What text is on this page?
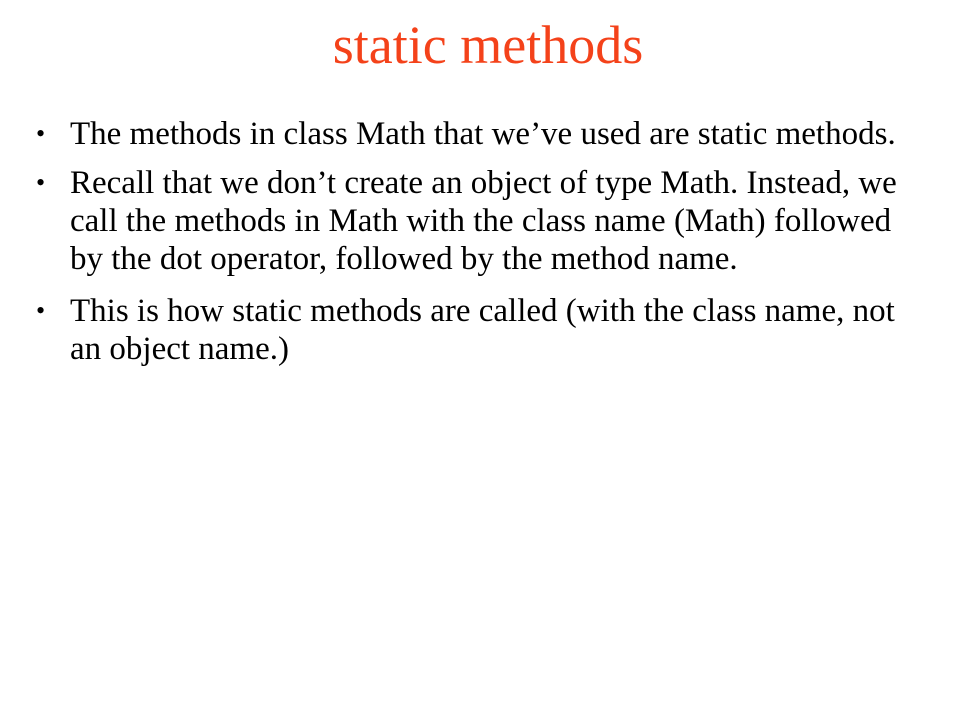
static methods
• The methods in class Math that we’ve used are static methods.
• Recall that we don’t create an object of type Math. Instead, we call the methods in Math with the class name (Math) followed by the dot operator, followed by the method name.
• This is how static methods are called (with the class name, not an object name.)
